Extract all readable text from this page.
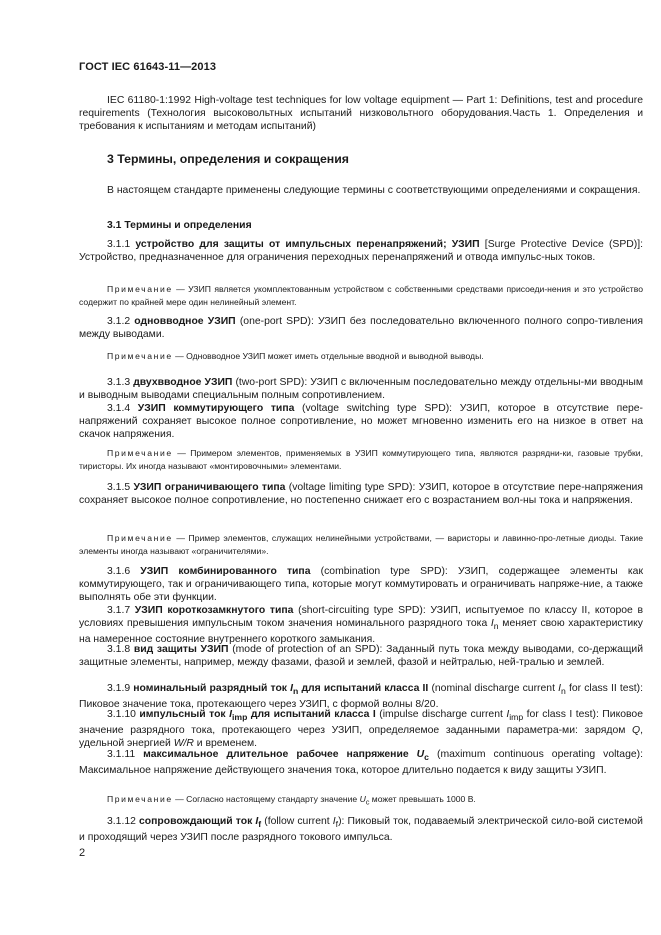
ГОСТ IEC 61643-11—2013
IEC 61180-1:1992 High-voltage test techniques for low voltage equipment — Part 1: Definitions, test and procedure requirements (Технология высоковольтных испытаний низковольтного оборудования.Часть 1. Определения и требования к испытаниям и методам испытаний)
3 Термины, определения и сокращения
В настоящем стандарте применены следующие термины с соответствующими определениями и сокращения.
3.1 Термины и определения
3.1.1 устройство для защиты от импульсных перенапряжений; УЗИП [Surge Protective Device (SPD)]: Устройство, предназначенное для ограничения переходных перенапряжений и отвода импульс-ных токов.
Примечание — УЗИП является укомплектованным устройством с собственными средствами присоеди-нения и это устройство содержит по крайней мере один нелинейный элемент.
3.1.2 одновводное УЗИП (one-port SPD): УЗИП без последовательно включенного полного сопро-тивления между выводами.
Примечание — Одновводное УЗИП может иметь отдельные вводной и выводной выводы.
3.1.3 двухвводное УЗИП (two-port SPD): УЗИП с включенным последовательно между отдельны-ми вводным и выводным выводами специальным полным сопротивлением.
3.1.4 УЗИП коммутирующего типа (voltage switching type SPD): УЗИП, которое в отсутствие пере-напряжений сохраняет высокое полное сопротивление, но может мгновенно изменить его на низкое в ответ на скачок напряжения.
Примечание — Примером элементов, применяемых в УЗИП коммутирующего типа, являются разрядни-ки, газовые трубки, тиристоры. Их иногда называют «монтировочными» элементами.
3.1.5 УЗИП ограничивающего типа (voltage limiting type SPD): УЗИП, которое в отсутствие пере-напряжения сохраняет высокое полное сопротивление, но постепенно снижает его с возрастанием вол-ны тока и напряжения.
Примечание — Пример элементов, служащих нелинейными устройствами, — варисторы и лавинно-про-летные диоды. Такие элементы иногда называют «ограничителями».
3.1.6 УЗИП комбинированного типа (combination type SPD): УЗИП, содержащее элементы как коммутирующего, так и ограничивающего типа, которые могут коммутировать и ограничивать напряже-ние, а также выполнять обе эти функции.
3.1.7 УЗИП короткозамкнутого типа (short-circuiting type SPD): УЗИП, испытуемое по классу II, которое в условиях превышения импульсным током значения номинального разрядного тока $I_n$ меняет свою характеристику на намеренное состояние внутреннего короткого замыкания.
3.1.8 вид защиты УЗИП (mode of protection of an SPD): Заданный путь тока между выводами, со-держащий защитные элементы, например, между фазами, фазой и землей, фазой и нейтралью, ней-тралью и землей.
3.1.9 номинальный разрядный ток $I_n$ для испытаний класса II (nominal discharge current $I_n$ for class II test): Пиковое значение тока, протекающего через УЗИП, с формой волны 8/20.
3.1.10 импульсный ток $I_{imp}$ для испытаний класса I (impulse discharge current $I_{imp}$ for class I test): Пиковое значение разрядного тока, протекающего через УЗИП, определяемое заданными параметра-ми: зарядом Q, удельной энергией W/R и временем.
3.1.11 максимальное длительное рабочее напряжение $U_c$ (maximum continuous operating voltage): Максимальное напряжение действующего значения тока, которое длительно подается к виду защиты УЗИП.
Примечание — Согласно настоящему стандарту значение $U_c$ может превышать 1000 В.
3.1.12 сопровождающий ток $I_f$ (follow current $I_f$): Пиковый ток, подаваемый электрической сило-вой системой и проходящий через УЗИП после разрядного токового импульса.
2
